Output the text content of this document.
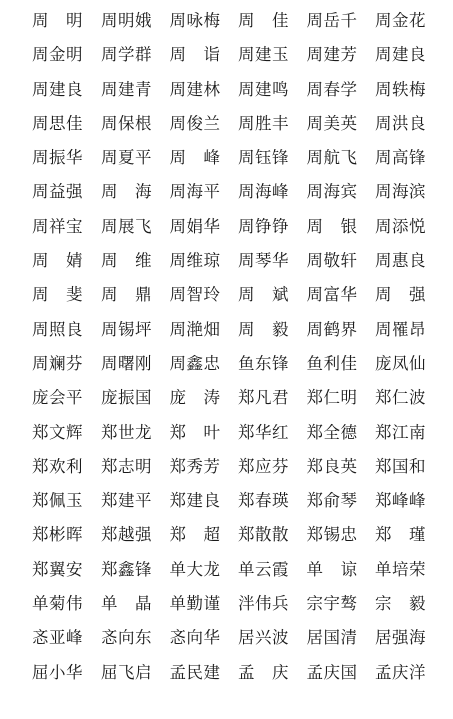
周　明	周明娥	周咏梅	周　佳	周岳千	周金花
周金明	周学群	周　诣	周建玉	周建芳	周建良
周建良	周建青	周建林	周建鸣	周春学	周轶梅
周思佳	周保根	周俊兰	周胜丰	周美英	周洪良
周振华	周夏平	周　峰	周钰锋	周航飞	周高锋
周益强	周　海	周海平	周海峰	周海宾	周海滨
周祥宝	周展飞	周娟华	周铮铮	周　银	周添悦
周　婧	周　维	周维琼	周琴华	周敬轩	周惠良
周　斐	周　鼎	周智玲	周　斌	周富华	周　强
周照良	周锡坪	周滟畑	周　毅	周鹤界	周罹昂
周斓芬	周曙刚	周鑫忠	鱼东锋	鱼利佳	庞凤仙
庞会平	庞振国	庞　涛	郑凡君	郑仁明	郑仁波
郑文辉	郑世龙	郑　叶	郑华红	郑全德	郑江南
郑欢利	郑志明	郑秀芳	郑应芬	郑良英	郑国和
郑佩玉	郑建平	郑建良	郑春瑛	郑俞琴	郑峰峰
郑彬晖	郑越强	郑　超	郑散散	郑锡忠	郑　瑾
郑翼安	郑鑫锋	单大龙	单云霞	单　谅	单培荣
单菊伟	单　晶	单勤谨	泮伟兵	宗宇骜	宗　毅
忞亚峰	忞向东	忞向华	居兴波	居国清	居强海
屈小华	屈飞启	孟民建	孟　庆	孟庆国	孟庆洋
